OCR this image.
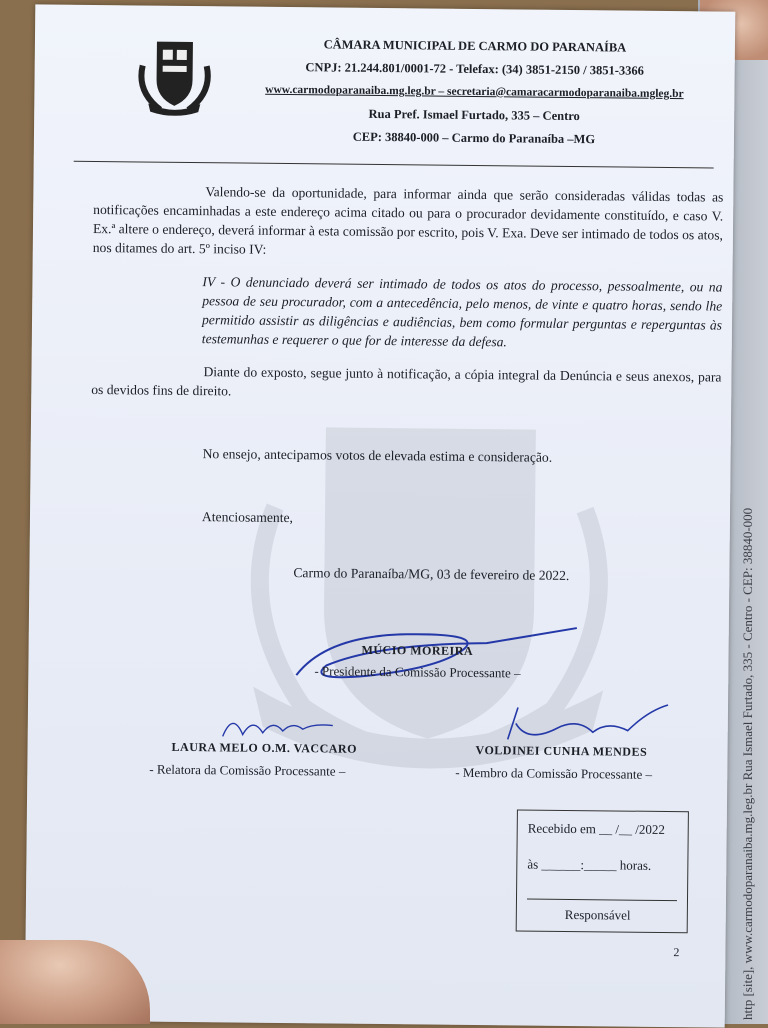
http [site], www.carmodoparanaiba.mg.leg.br Rua Ismael Furtado, 335 - Centro - CEP: 38840-000
CÂMARA MUNICIPAL DE CARMO DO PARANAÍBA
CNPJ: 21.244.801/0001-72 - Telefax: (34) 3851-2150 / 3851-3366
www.carmodoparanaiba.mg.leg.br – secretaria@camaracarmodoparanaiba.mgleg.br
Rua Pref. Ismael Furtado, 335 – Centro
CEP: 38840-000 – Carmo do Paranaíba –MG

Valendo-se da oportunidade, para informar ainda que serão consideradas válidas todas as notificações encaminhadas a este endereço acima citado ou para o procurador devidamente constituído, e caso V. Ex.ª altere o endereço, deverá informar à esta comissão por escrito, pois V. Exa. Deve ser intimado de todos os atos, nos ditames do art. 5º inciso IV:

IV - O denunciado deverá ser intimado de todos os atos do processo, pessoalmente, ou na pessoa de seu procurador, com a antecedência, pelo menos, de vinte e quatro horas, sendo lhe permitido assistir as diligências e audiências, bem como formular perguntas e reperguntas às testemunhas e requerer o que for de interesse da defesa.

Diante do exposto, segue junto à notificação, a cópia integral da Denúncia e seus anexos, para os devidos fins de direito.

No ensejo, antecipamos votos de elevada estima e consideração.
Atenciosamente,
Carmo do Paranaíba/MG, 03 de fevereiro de 2022.
MÚCIO MOREIRA
- Presidente da Comissão Processante –
LAURA MELO O.M. VACCARO
- Relatora da Comissão Processante –
VOLDINEI CUNHA MENDES
- Membro da Comissão Processante –
Recebido em __ /__ /2022
às ______:_____ horas.
Responsável
2
